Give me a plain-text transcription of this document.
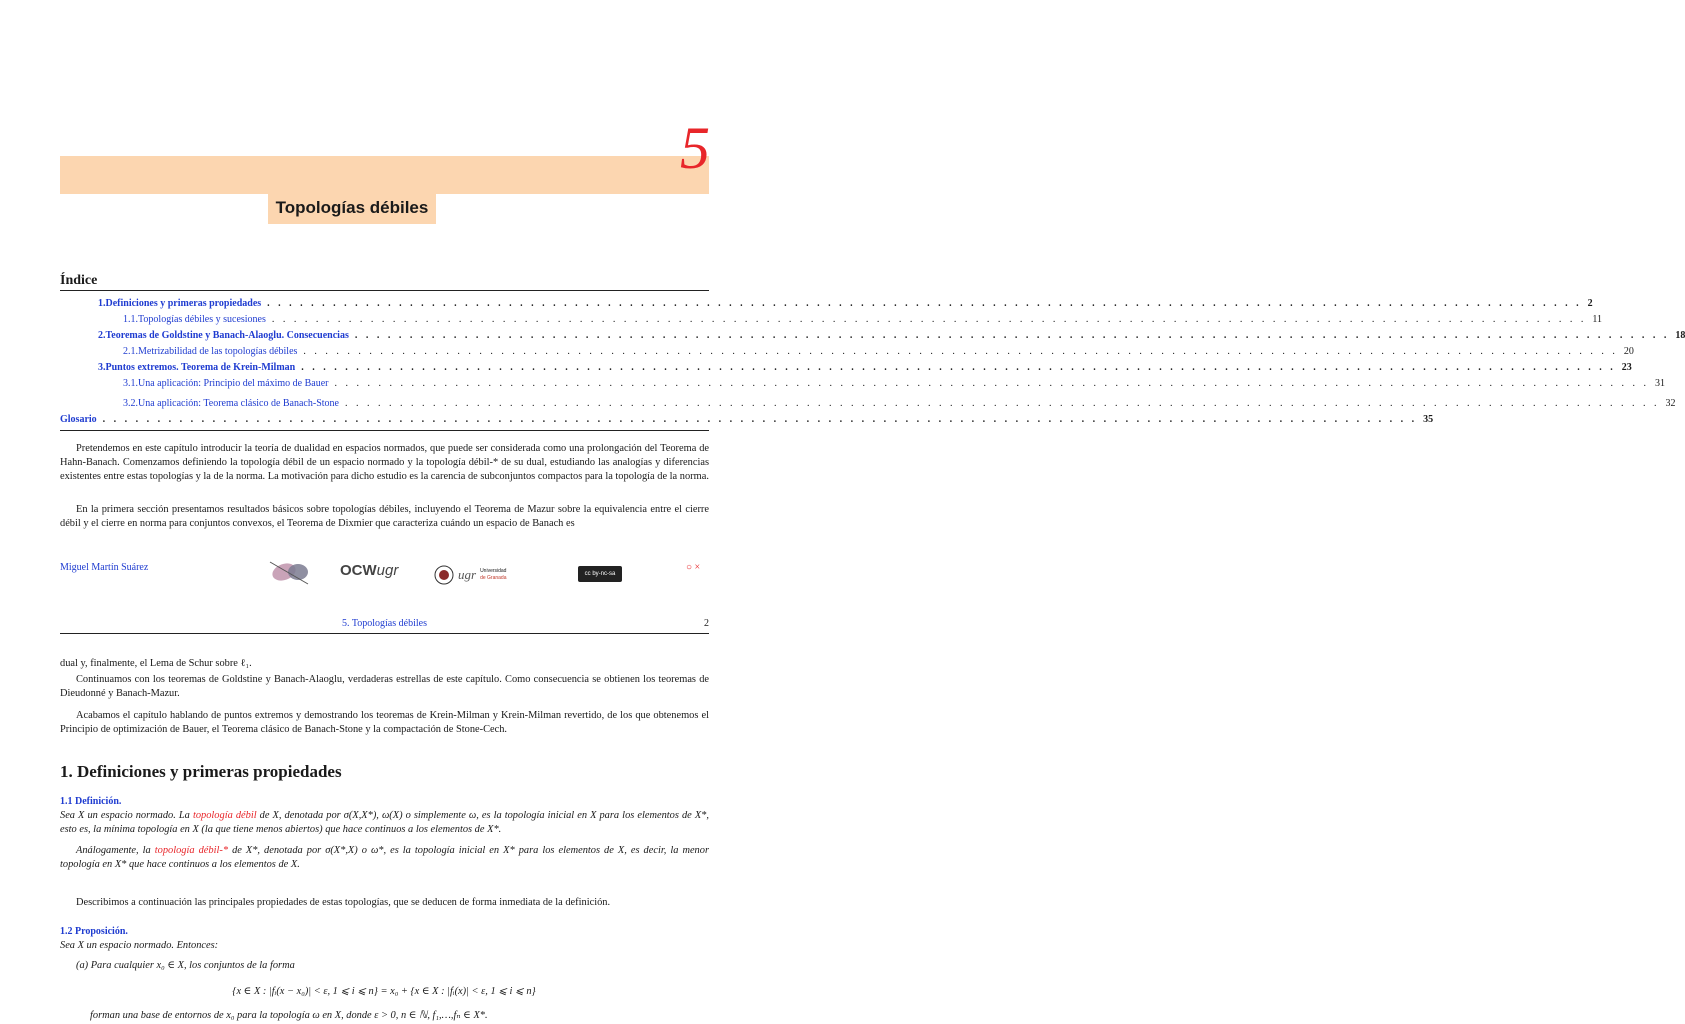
5
Topologías débiles
Índice
1. Definiciones y primeras propiedades . . . . . . . . . . . . . . . . . . . . . . . . . . . . . . . . . . . . . . . . . . . . . . . . . . . . . . . . . . . . . . . . . . . . . . . . . . . . . . . . . . . . . . . . . . . . . . . . . . . . . . . . . . . . . . . . . . . . . . . . 2
1.1. Topologías débiles y sucesiones . . . . . . . . . . . . . . . . . . . . . . . . . . . . . . . . . . . . . . . . . . . . . . . . . . . . . . . . . . . . . . . . . . . . . . . . . . . . . . . . . . . . . . . . . . . . . . . . . . . . . . . . . . . . . . . . . . . . . . . . 11
2. Teoremas de Goldstine y Banach-Alaoglu. Consecuencias . . . . . . . . . . . . . . . . . . . . . . . . . . . . . . . . . . . . . . . . . . . . . . . . . . . . . . . . . . . . . . . . . . . . . . . . . . . . . . . . . . . . . . . . . . . . . . . . . . . . . . . . . . . . . . . . . . . . . . . . 18
2.1. Metrizabilidad de las topologías débiles . . . . . . . . . . . . . . . . . . . . . . . . . . . . . . . . . . . . . . . . . . . . . . . . . . . . . . . . . . . . . . . . . . . . . . . . . . . . . . . . . . . . . . . . . . . . . . . . . . . . . . . . . . . . . . . . . . . . . . . . 20
3. Puntos extremos. Teorema de Krein-Milman . . . . . . . . . . . . . . . . . . . . . . . . . . . . . . . . . . . . . . . . . . . . . . . . . . . . . . . . . . . . . . . . . . . . . . . . . . . . . . . . . . . . . . . . . . . . . . . . . . . . . . . . . . . . . . . . . . . . . . . . 23
3.1. Una aplicación: Principio del máximo de Bauer . . . . . . . . . . . . . . . . . . . . . . . . . . . . . . . . . . . . . . . . . . . . . . . . . . . . . . . . . . . . . . . . . . . . . . . . . . . . . . . . . . . . . . . . . . . . . . . . . . . . . . . . . . . . . . . . . . . . . . . . 31
3.2. Una aplicación: Teorema clásico de Banach-Stone . . . . . . . . . . . . . . . . . . . . . . . . . . . . . . . . . . . . . . . . . . . . . . . . . . . . . . . . . . . . . . . . . . . . . . . . . . . . . . . . . . . . . . . . . . . . . . . . . . . . . . . . . . . . . . . . . . . . . . . . 32
Glosario . . . . . . . . . . . . . . . . . . . . . . . . . . . . . . . . . . . . . . . . . . . . . . . . . . . . . . . . . . . . . . . . . . . . . . . . . . . . . . . . . . . . . . . . . . . . . . . . . . . . . . . . . . . . . . . . . . . . . . . . 35
Pretendemos en este capítulo introducir la teoría de dualidad en espacios normados, que puede ser considerada como una prolongación del Teorema de Hahn-Banach. Comenzamos definiendo la topología débil de un espacio normado y la topología débil-* de su dual, estudiando las analogías y diferencias existentes entre estas topologías y la de la norma. La motivación para dicho estudio es la carencia de subconjuntos compactos para la topología de la norma.
En la primera sección presentamos resultados básicos sobre topologías débiles, incluyendo el Teorema de Mazur sobre la equivalencia entre el cierre débil y el cierre en norma para conjuntos convexos, el Teorema de Dixmier que caracteriza cuándo un espacio de Banach es
Miguel Martín Suárez	OCWugr	ugr Universidad
de Granada
cc by-nc-sa
○ ×
5. Topologías débiles	2
dual y, finalmente, el Lema de Schur sobre ℓ₁.
Continuamos con los teoremas de Goldstine y Banach-Alaoglu, verdaderas estrellas de este capítulo. Como consecuencia se obtienen los teoremas de Dieudonné y Banach-Mazur.
Acabamos el capítulo hablando de puntos extremos y demostrando los teoremas de Krein-Milman y Krein-Milman revertido, de los que obtenemos el Principio de optimización de Bauer, el Teorema clásico de Banach-Stone y la compactación de Stone-Cech.
1. Definiciones y primeras propiedades
1.1 Definición.
Sea X un espacio normado. La topología débil de X, denotada por σ(X,X*), ω(X) o simplemente ω, es la topología inicial en X para los elementos de X*, esto es, la mínima topología en X (la que tiene menos abiertos) que hace continuos a los elementos de X*.
Análogamente, la topología débil-* de X*, denotada por σ(X*,X) o ω*, es la topología inicial en X* para los elementos de X, es decir, la menor topología en X* que hace continuos a los elementos de X.
Describimos a continuación las principales propiedades de estas topologías, que se deducen de forma inmediata de la definición.
1.2 Proposición.
Sea X un espacio normado. Entonces:
(a) Para cualquier x₀ ∈ X, los conjuntos de la forma
{x ∈ X : |fᵢ(x − x₀)| < ε, 1 ⩽ i ⩽ n} = x₀ + {x ∈ X : |fᵢ(x)| < ε, 1 ⩽ i ⩽ n}
forman una base de entornos de x₀ para la topología ω en X, donde ε > 0, n ∈ ℕ, f₁,…,fₙ ∈ X*.
